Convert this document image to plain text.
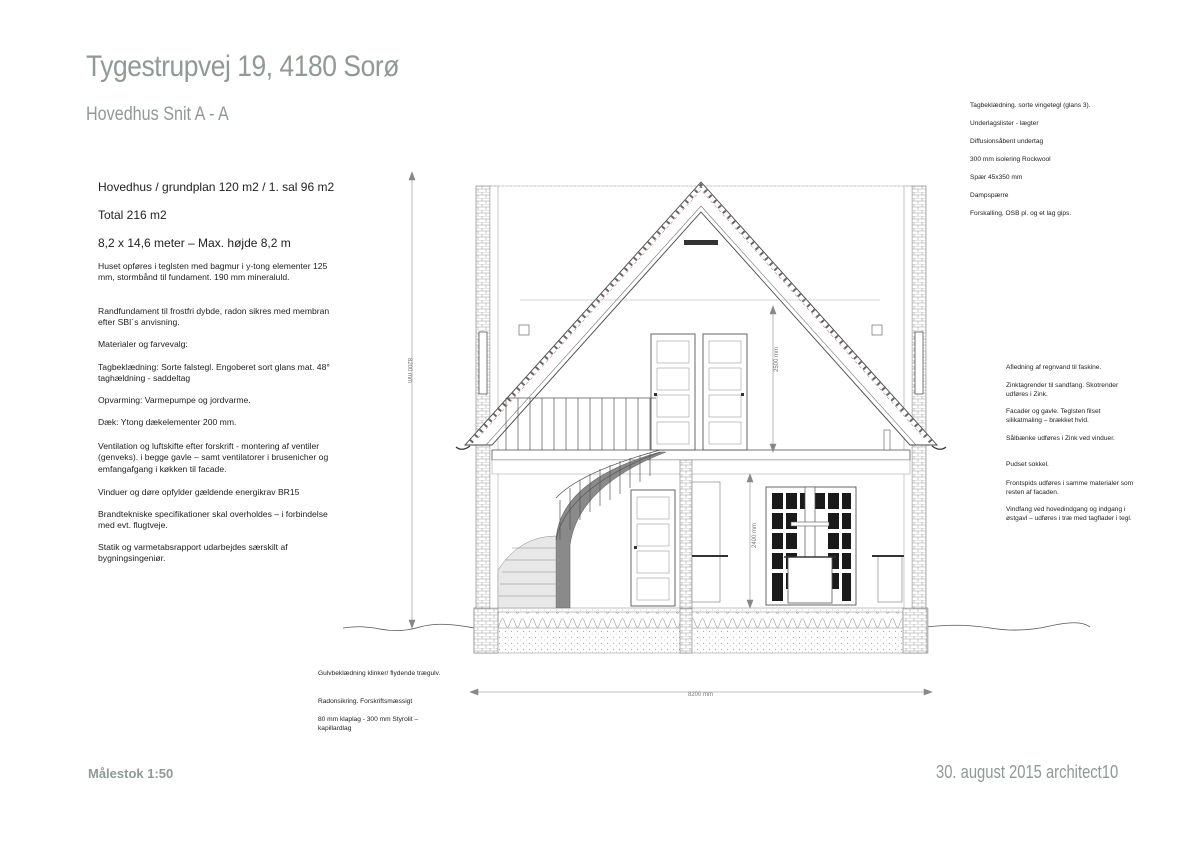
Tygestrupvej 19, 4180 Sorø
Hovedhus Snit A - A
Hovedhus / grundplan 120 m2 / 1. sal 96 m2
Total 216 m2
8,2 x 14,6 meter – Max. højde 8,2 m
Huset opføres i teglsten med bagmur i y-tong elementer 125 mm, stormbånd til fundament. 190 mm mineraluld.
Randfundament til frostfri dybde, radon sikres med membran efter SBI´s anvisning.
Materialer og farvevalg:
Tagbeklædning: Sorte falstegl. Engoberet sort glans mat. 48° taghældning - saddeltag
Opvarming: Varmepumpe og jordvarme.
Dæk: Ytong dækelementer 200 mm.
Ventilation og luftskifte efter forskrift - montering af ventiler (genveks). i begge gavle – samt ventilatorer i brusenicher og emfangafgang i køkken til facade.
Vinduer og døre opfylder gældende energikrav BR15
Brandtekniske specifikationer skal overholdes – i forbindelse med evt. flugtveje.
Statik og varmetabsrapport udarbejdes særskilt af bygningsingeniør.
Tagbeklædning. sorte vingetegl (glans 3).
Underlagslister - lægter
Diffusionsåbent undertag
300 mm isolering Rockwool
Spær 45x350 mm
Dampspærre
Forskalling, OSB pl. og et lag gips.
Afledning af regnvand til faskine.
Zinktagrender til sandfang. Skotrender udføres i Zink.
Facader og gavle. Teglsten filset silikatmaling – brækket hvid.
Sålbænke udføres i Zink ved vinduer.
Pudset sokkel.
Frontspids udføres i samme materialer som resten af facaden.
Vindfang ved hovedindgang og indgang i østgavl – udføres i træ med tagflader i tegl.
Gulvbeklædning klinker/ flydende trægulv.
Radonsikring. Forskriftsmæssigt
80 mm klaplag - 300 mm Styrolit – kapillardlag
8200 mm
8200 mm
2500 mm
2400 mm
Målestok 1:50	30. august 2015 architect10
